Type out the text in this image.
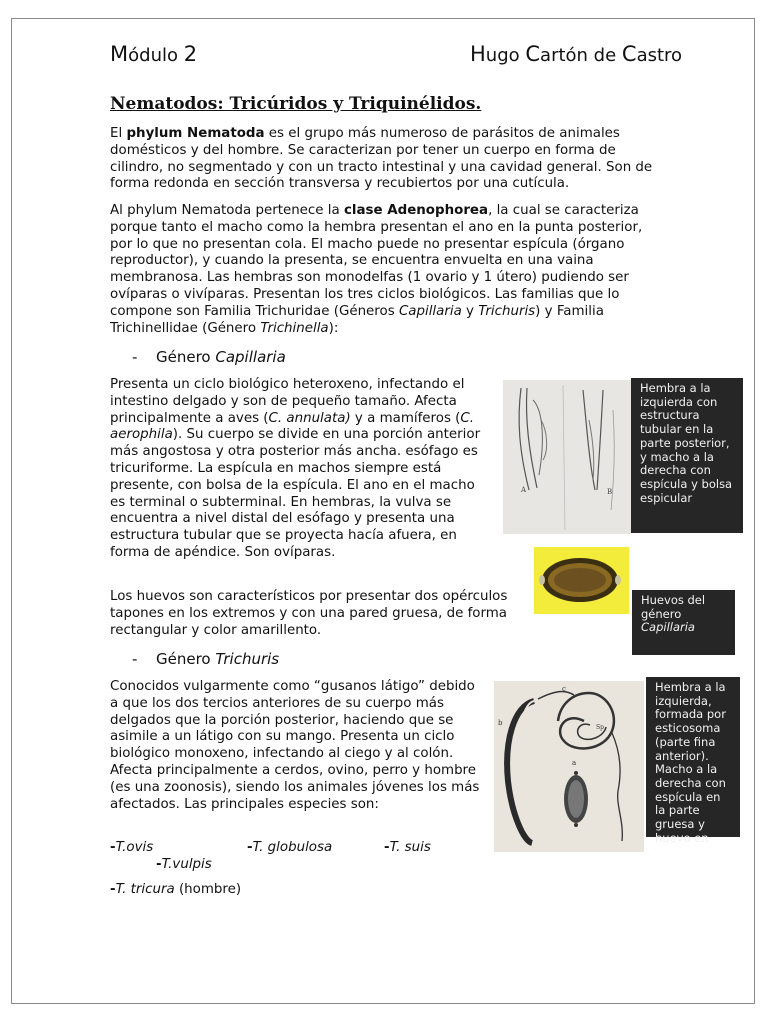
Módulo 2	Hugo Cartón de Castro
Nematodos: Tricúridos y Triquinélidos.

El phylum Nematoda es el grupo más numeroso de parásitos de animales domésticos y del hombre. Se caracterizan por tener un cuerpo en forma de cilindro, no segmentado y con un tracto intestinal y una cavidad general. Son de forma redonda en sección transversa y recubiertos por una cutícula.

Al phylum Nematoda pertenece la clase Adenophorea, la cual se caracteriza porque tanto el macho como la hembra presentan el ano en la punta posterior, por lo que no presentan cola. El macho puede no presentar espícula (órgano reproductor), y cuando la presenta, se encuentra envuelta en una vaina membranosa. Las hembras son monodelfas (1 ovario y 1 útero) pudiendo ser ovíparas o vivíparas. Presentan los tres ciclos biológicos. Las familias que lo compone son Familia Trichuridae (Géneros Capillaria y Trichuris) y Familia Trichinellidae (Género Trichinella):

- Género Capillaria

Presenta un ciclo biológico heteroxeno, infectando el intestino delgado y son de pequeño tamaño. Afecta principalmente a aves (C. annulata) y a mamíferos (C. aerophila). Su cuerpo se divide en una porción anterior más angostosa y otra posterior más ancha. esófago es tricuriforme. La espícula en machos siempre está presente, con bolsa de la espícula. El ano en el macho es terminal o subterminal. En hembras, la vulva se encuentra a nivel distal del esófago y presenta una estructura tubular que se proyecta hacía afuera, en forma de apéndice. Son ovíparas.

Los huevos son característicos por presentar dos opérculos tapones en los extremos y con una pared gruesa, de forma rectangular y color amarillento.

A	B
Hembra a la izquierda con estructura tubular en la parte posterior, y macho a la derecha con espícula y bolsa espicular
Huevos del género Capillaria
- Género Trichuris

Conocidos vulgarmente como “gusanos látigo” debido a que los dos tercios anteriores de su cuerpo más delgados que la porción posterior, haciendo que se asimile a un látigo con su mango. Presenta un ciclo biológico monoxeno, infectando al ciego y al colón. Afecta principalmente a cerdos, ovino, perro y hombre (es una zoonosis), siendo los animales jóvenes los más afectados. Las principales especies son:

b
c
a
Sp
Hembra a la izquierda, formada por esticosoma (parte fina anterior). Macho a la derecha con espícula en la parte gruesa y huevo en
-T.ovis	-T. globulosa	-T. suis
-T.vulpis
-T. tricura (hombre)
